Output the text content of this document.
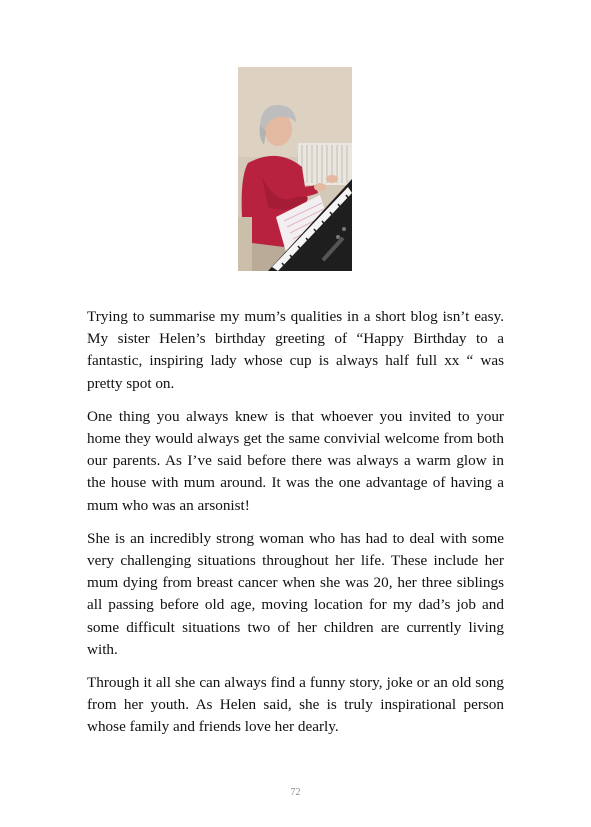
Trying to summarise my mum’s qualities in a short blog isn’t easy. My sister Helen’s birthday greeting of “Happy Birthday to a fantastic, inspiring lady whose cup is always half full xx “ was pretty spot on.

One thing you always knew is that whoever you invited to your home they would always get the same convivial welcome from both our parents. As I’ve said before there was always a warm glow in the house with mum around. It was the one advantage of having a mum who was an arsonist!

She is an incredibly strong woman who has had to deal with some very challenging situations throughout her life. These include her mum dying from breast cancer when she was 20, her three siblings all passing before old age, moving location for my dad’s job and some difficult situations two of her children are currently living with.

Through it all she can always find a funny story, joke or an old song from her youth. As Helen said, she is truly inspirational person whose family and friends love her dearly.

72
